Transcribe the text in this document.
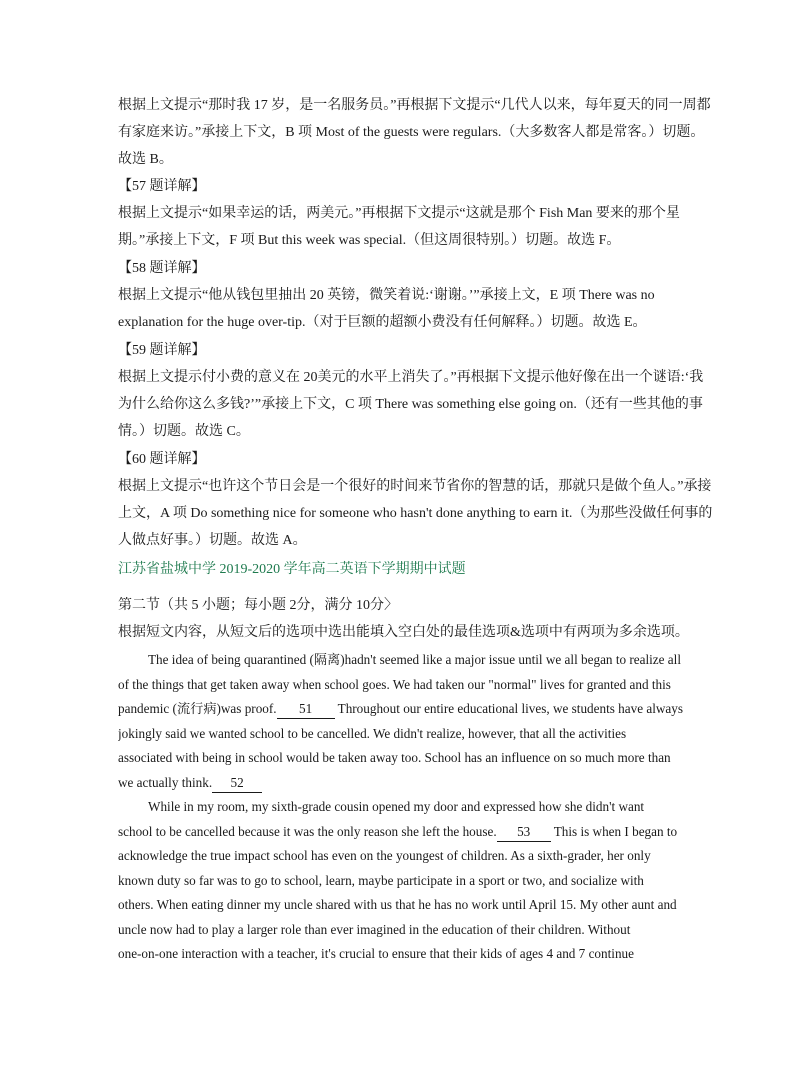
根据上文提示“那时我 17 岁，是一名服务员。”再根据下文提示“几代人以来，每年夏天的同一周都
有家庭来访。”承接上下文，B 项 Most of the guests were regulars.（大多数客人都是常客。）切题。
故选 B。
【57 题详解】
根据上文提示“如果幸运的话，两美元。”再根据下文提示“这就是那个 Fish Man 要来的那个星
期。”承接上下文，F 项 But this week was special.（但这周很特别。）切题。故选 F。
【58 题详解】
根据上文提示“他从钱包里抽出 20 英镑，微笑着说:‘谢谢。’”承接上文，E 项 There was no
explanation for the huge over-tip.（对于巨额的超额小费没有任何解释。）切题。故选 E。
【59 题详解】
根据上文提示付小费的意义在 20美元的水平上消失了。”再根据下文提示他好像在出一个谜语:‘我
为什么给你这么多钱?’”承接上下文，C 项 There was something else going on.（还有一些其他的事
情。）切题。故选 C。
【60 题详解】
根据上文提示“也许这个节日会是一个很好的时间来节省你的智慧的话，那就只是做个鱼人。”承接
上文，A 项 Do something nice for someone who hasn't done anything to earn it.（为那些没做任何事的
人做点好事。）切题。故选 A。
江苏省盐城中学 2019-2020 学年高二英语下学期期中试题
第二节（共 5 小题；每小题 2分，满分 10分〉
根据短文内容，从短文后的选项中选出能填入空白处的最佳选项&选项中有两项为多余选项。
The idea of being quarantined (隔离)hadn't seemed like a major issue until we all began to realize all
of the things that get taken away when school goes. We had taken our "normal" lives for granted and this
pandemic (流行病)was proof. 51 Throughout our entire educational lives, we students have always
jokingly said we wanted school to be cancelled. We didn't realize, however, that all the activities
associated with being in school would be taken away too. School has an influence on so much more than
we actually think. 52
While in my room, my sixth-grade cousin opened my door and expressed how she didn't want
school to be cancelled because it was the only reason she left the house. 53 This is when I began to
acknowledge the true impact school has even on the youngest of children. As a sixth-grader, her only
known duty so far was to go to school, learn, maybe participate in a sport or two, and socialize with
others. When eating dinner my uncle shared with us that he has no work until April 15. My other aunt and
uncle now had to play a larger role than ever imagined in the education of their children. Without
one-on-one interaction with a teacher, it's crucial to ensure that their kids of ages 4 and 7 continue
